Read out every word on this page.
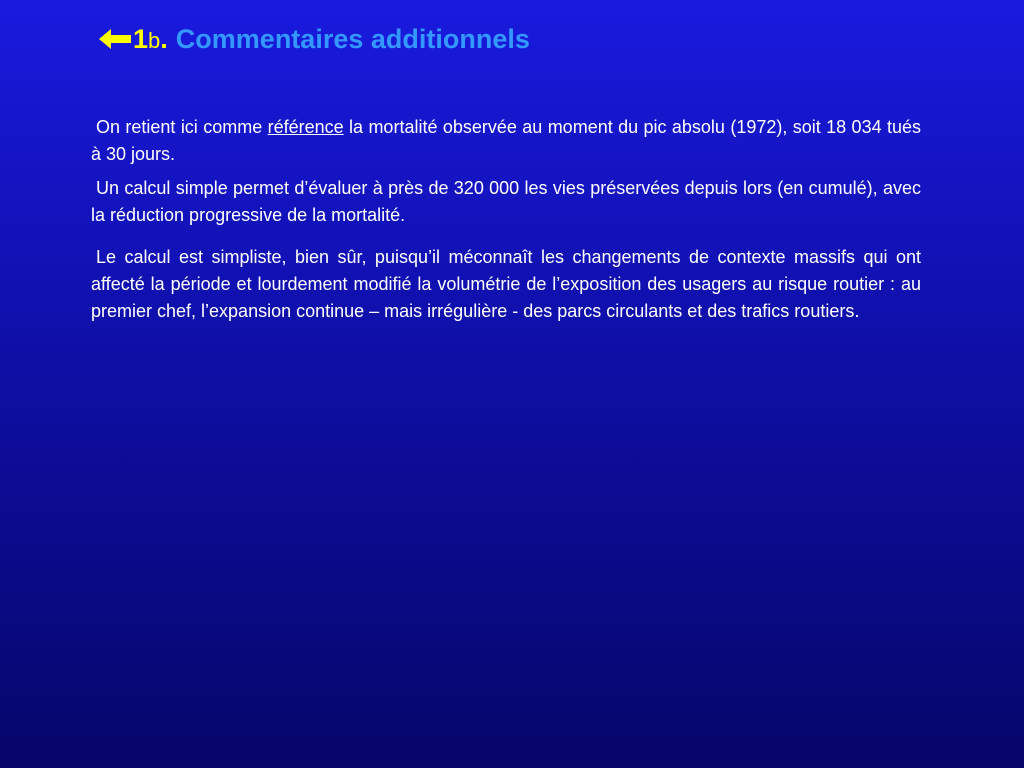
1 b . Commentaires additionnels

On retient ici comme référence la mortalité observée au moment du pic absolu (1972), soit 18 034 tués à 30 jours.

Un calcul simple permet d’évaluer à près de 320 000 les vies préservées depuis lors (en cumulé), avec la réduction progressive de la mortalité.

Le calcul est simpliste, bien sûr, puisqu’il méconnaît les changements de contexte massifs qui ont affecté la période et lourdement modifié la volumétrie de l’exposition des usagers au risque routier : au premier chef, l’expansion continue – mais irrégulière - des parcs circulants et des trafics routiers.
